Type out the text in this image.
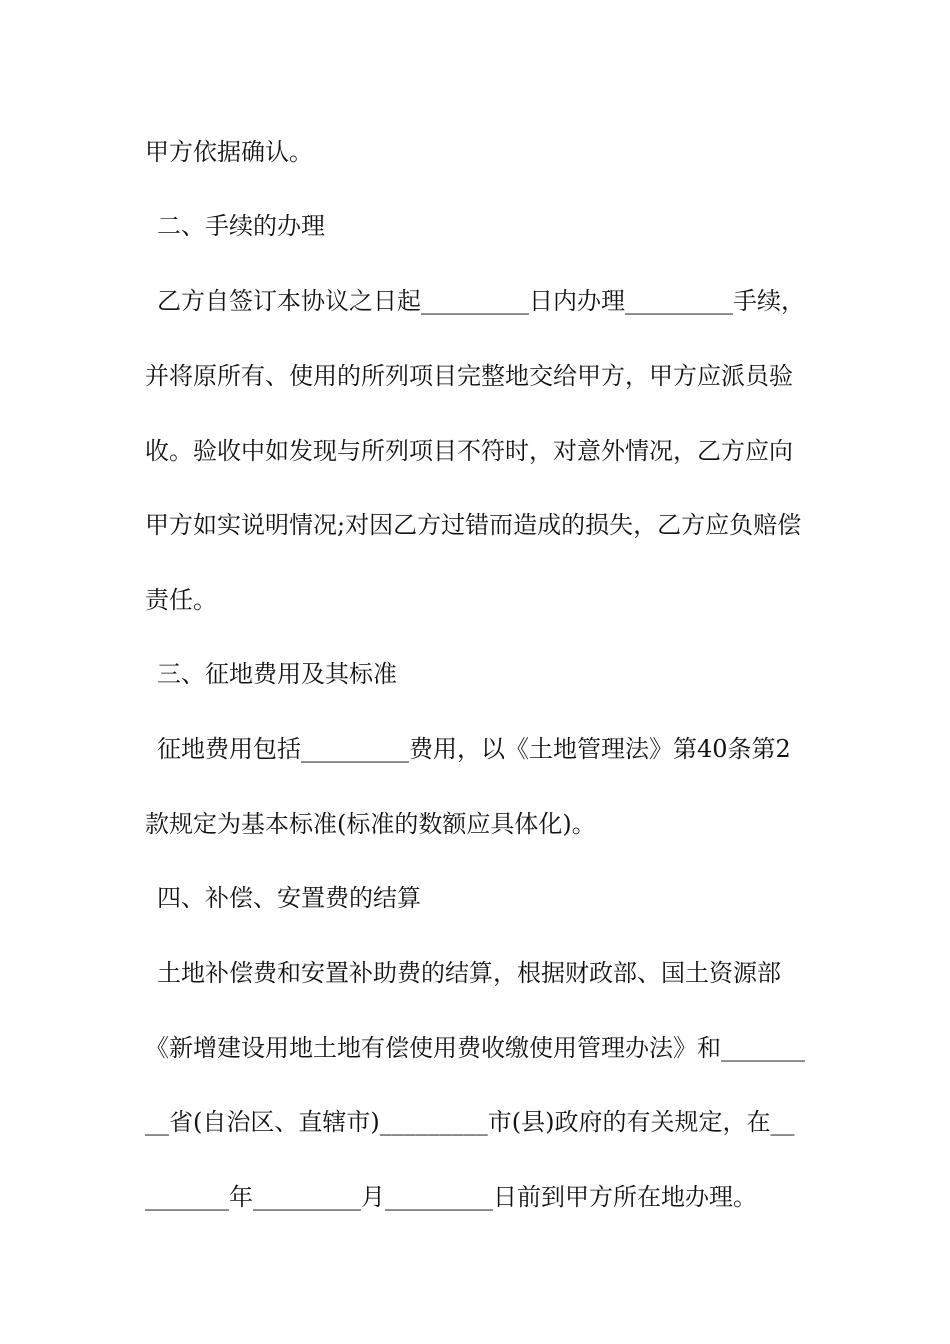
甲方依据确认。
二、手续的办理
乙方自签订本协议之日起_________日内办理_________手续，
并将原所有、使用的所列项目完整地交给甲方，甲方应派员验
收。验收中如发现与所列项目不符时，对意外情况，乙方应向
甲方如实说明情况;对因乙方过错而造成的损失，乙方应负赔偿
责任。
三、征地费用及其标准
征地费用包括_________费用，以《土地管理法》第40条第2
款规定为基本标准(标准的数额应具体化)。
四、补偿、安置费的结算
土地补偿费和安置补助费的结算，根据财政部、国土资源部
《新增建设用地土地有偿使用费收缴使用管理办法》和_______
__省(自治区、直辖市)_________市(县)政府的有关规定，在__
_______年_________月_________日前到甲方所在地办理。
